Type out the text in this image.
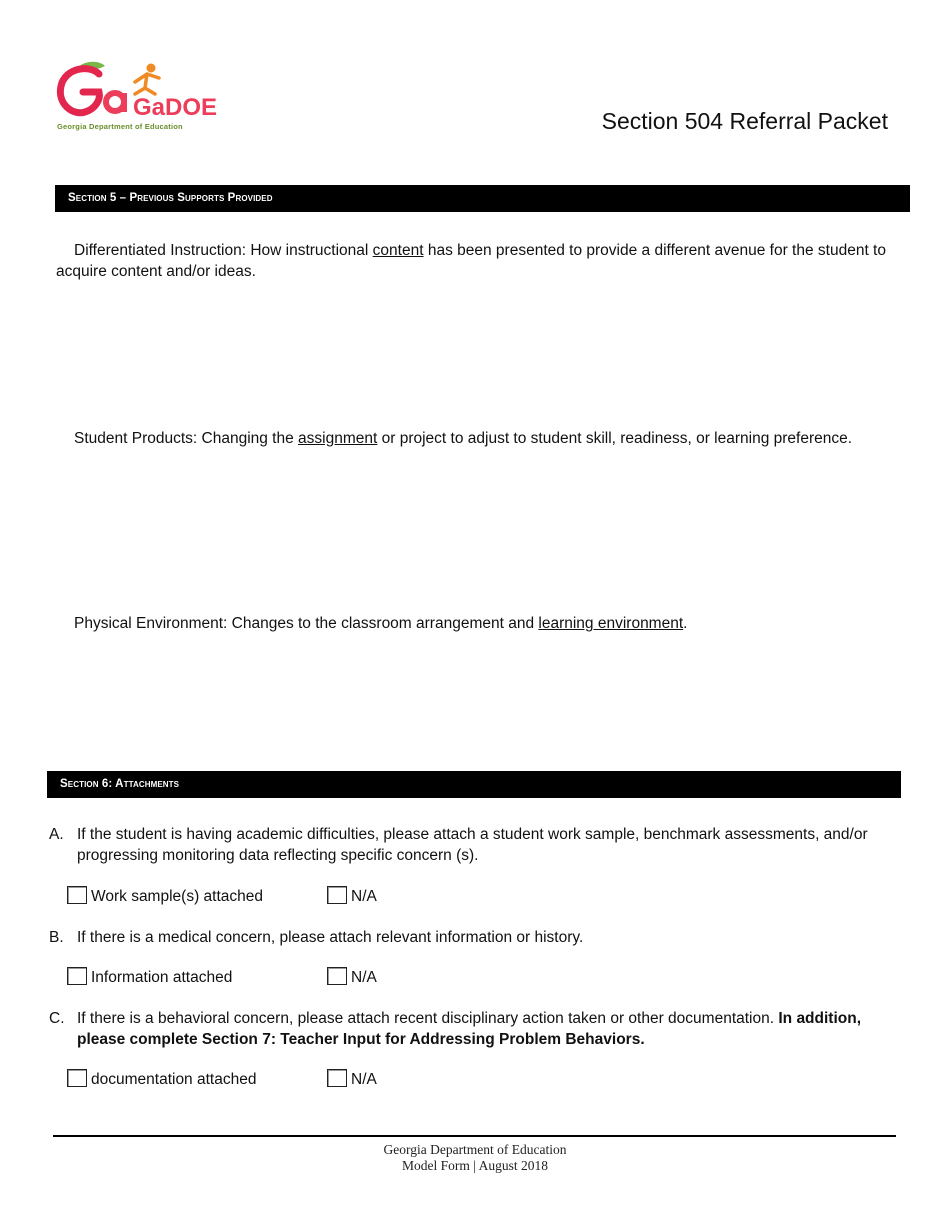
GaDOE
Georgia Department of Education	Section 504 Referral Packet
Section 5 – Previous Supports Provided
Differentiated Instruction: How instructional content has been presented to provide a different avenue for the student to acquire content and/or ideas.
Student Products: Changing the assignment or project to adjust to student skill, readiness, or learning preference.
Physical Environment: Changes to the classroom arrangement and learning environment.
Section 6: Attachments
A. If the student is having academic difficulties, please attach a student work sample, benchmark assessments, and/or progressing monitoring data reflecting specific concern (s).
Work sample(s) attached	N/A
B. If there is a medical concern, please attach relevant information or history.
Information attached	N/A
C. If there is a behavioral concern, please attach recent disciplinary action taken or other documentation. In addition, please complete Section 7: Teacher Input for Addressing Problem Behaviors.
documentation attached	N/A
Georgia Department of Education
Model Form | August 2018
